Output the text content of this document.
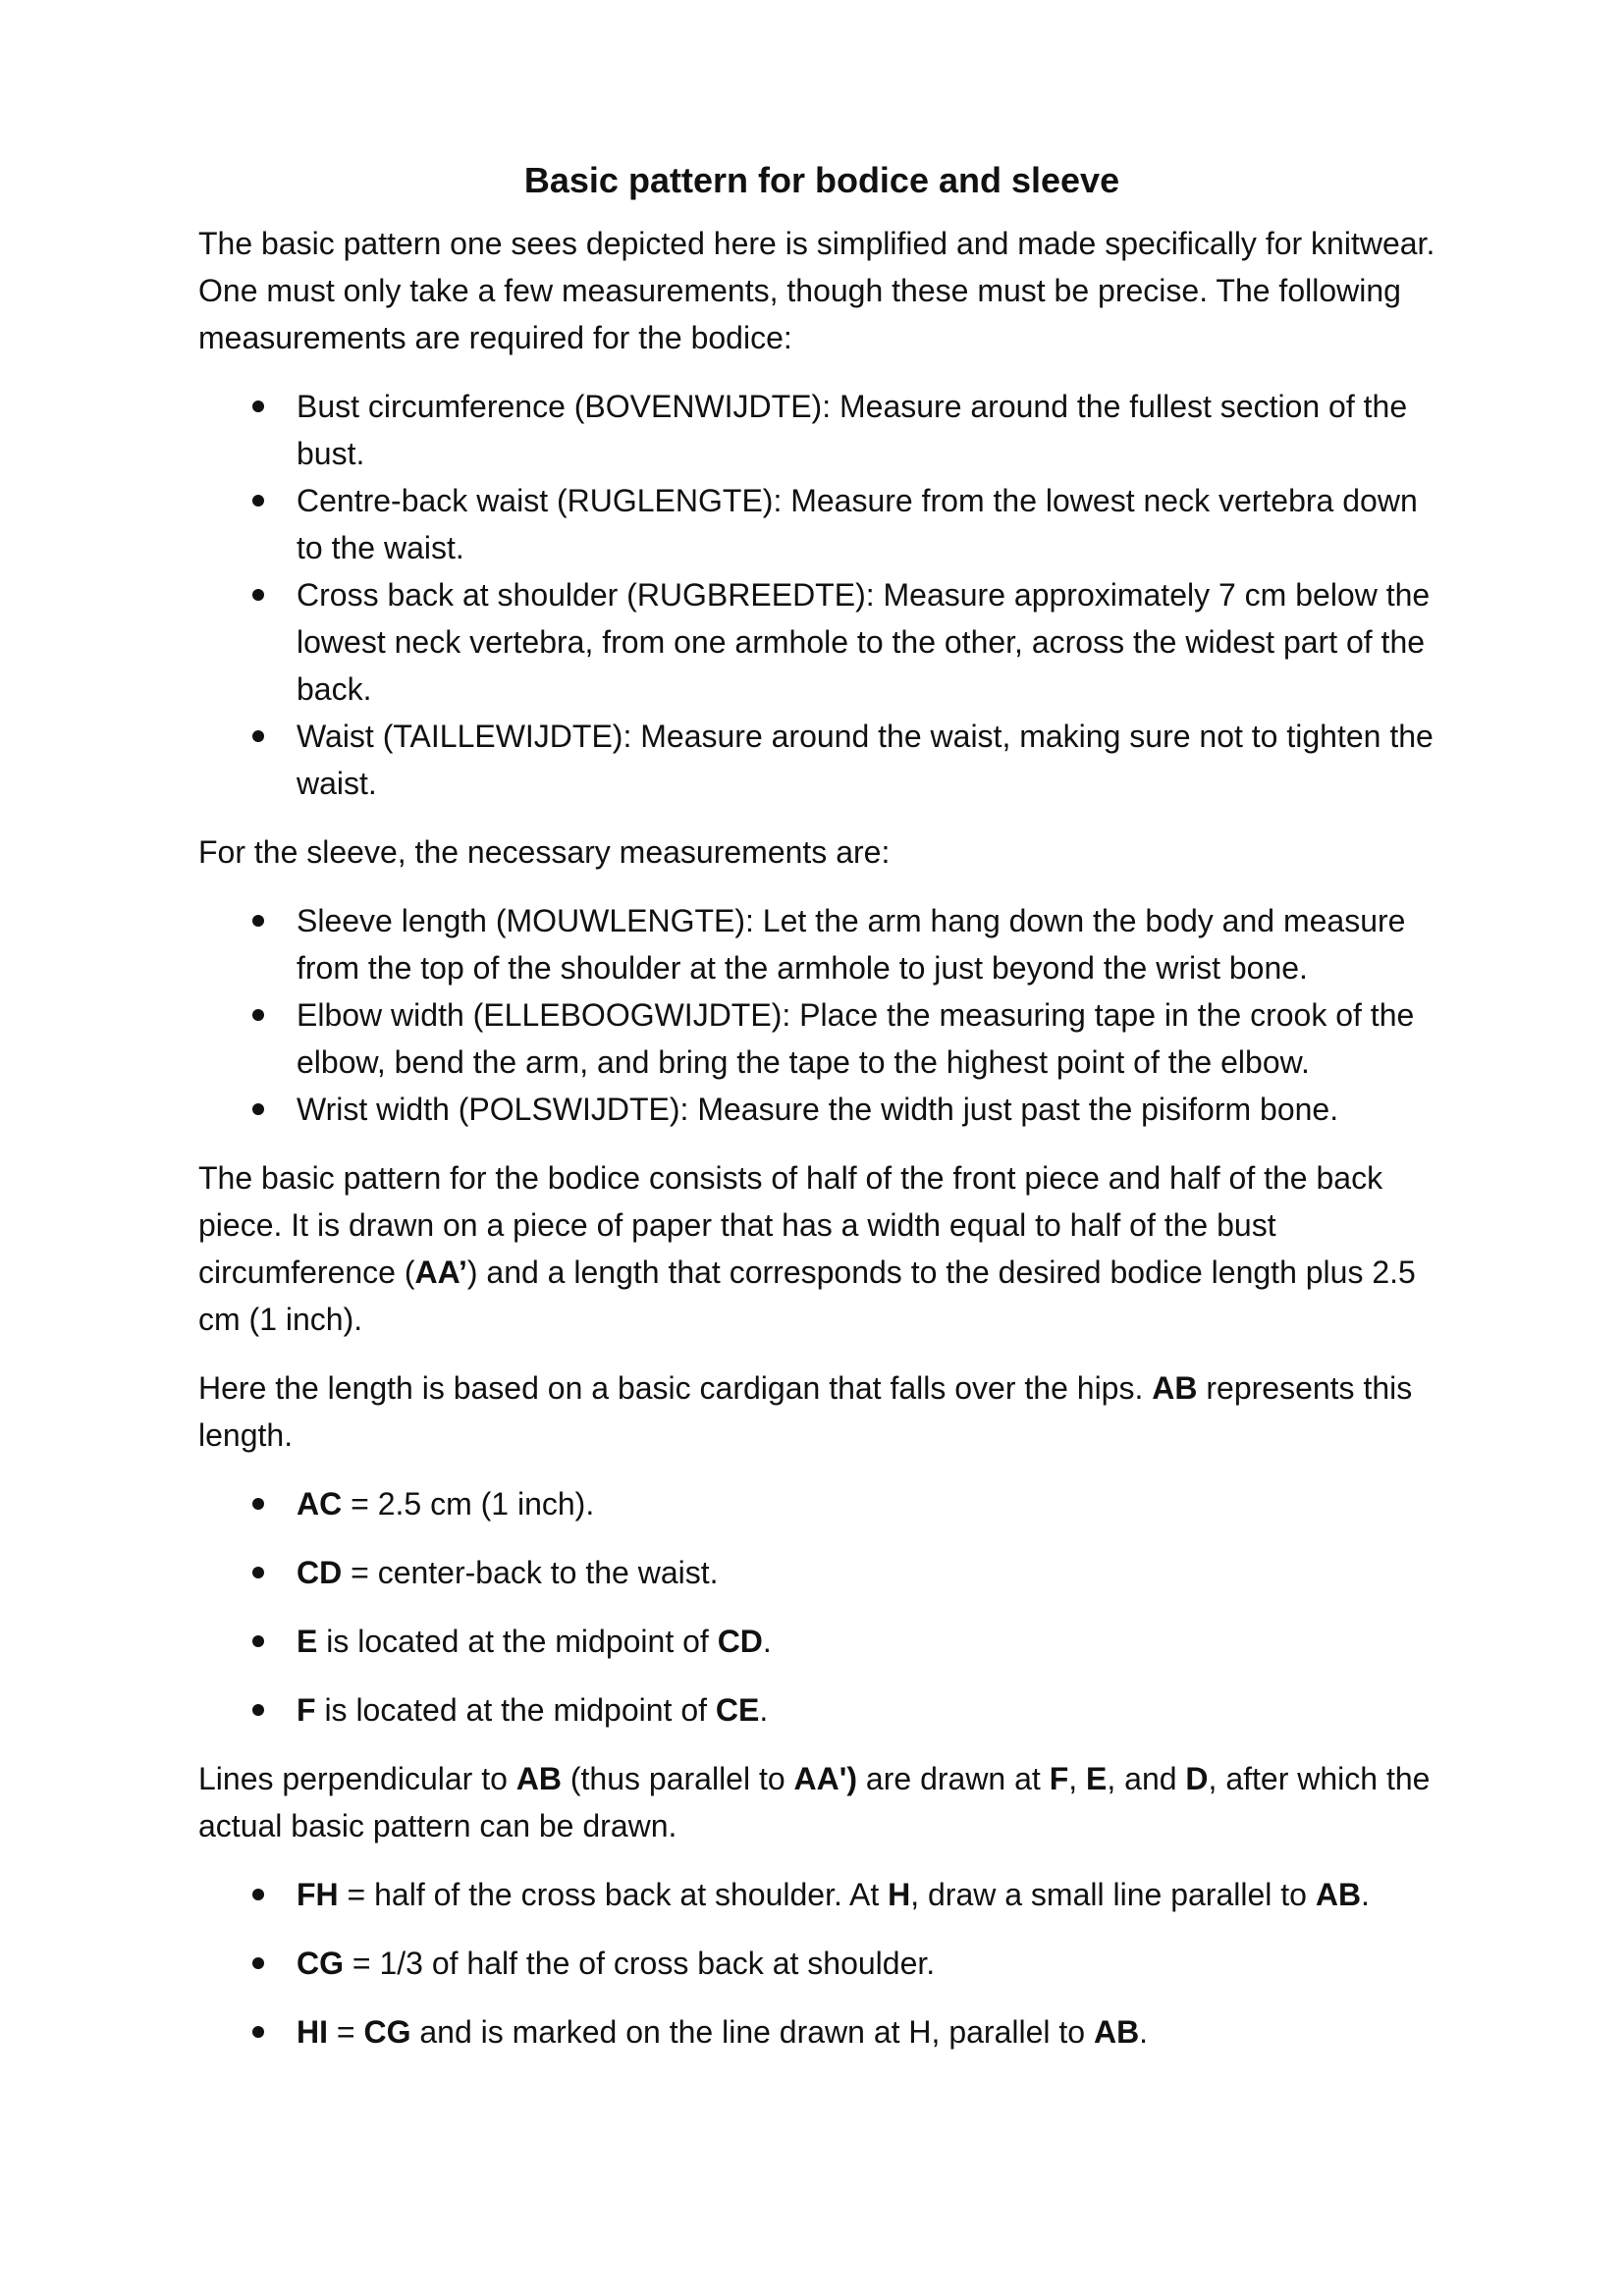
Basic pattern for bodice and sleeve

The basic pattern one sees depicted here is simplified and made specifically for knitwear. One must only take a few measurements, though these must be precise. The following measurements are required for the bodice:

Bust circumference (BOVENWIJDTE): Measure around the fullest section of the bust.
Centre-back waist (RUGLENGTE): Measure from the lowest neck vertebra down to the waist.
Cross back at shoulder (RUGBREEDTE): Measure approximately 7 cm below the lowest neck vertebra, from one armhole to the other, across the widest part of the back.
Waist (TAILLEWIJDTE): Measure around the waist, making sure not to tighten the waist.

For the sleeve, the necessary measurements are:

Sleeve length (MOUWLENGTE): Let the arm hang down the body and measure from the top of the shoulder at the armhole to just beyond the wrist bone.
Elbow width (ELLEBOOGWIJDTE): Place the measuring tape in the crook of the elbow, bend the arm, and bring the tape to the highest point of the elbow.
Wrist width (POLSWIJDTE): Measure the width just past the pisiform bone.

The basic pattern for the bodice consists of half of the front piece and half of the back piece. It is drawn on a piece of paper that has a width equal to half of the bust circumference (AA’) and a length that corresponds to the desired bodice length plus 2.5 cm (1 inch).

Here the length is based on a basic cardigan that falls over the hips. AB represents this length.

AC = 2.5 cm (1 inch).
CD = center-back to the waist.
E is located at the midpoint of CD.
F is located at the midpoint of CE.

Lines perpendicular to AB (thus parallel to AA') are drawn at F, E, and D, after which the actual basic pattern can be drawn.

FH = half of the cross back at shoulder. At H, draw a small line parallel to AB.
CG = 1/3 of half the of cross back at shoulder.
HI = CG and is marked on the line drawn at H, parallel to AB.
